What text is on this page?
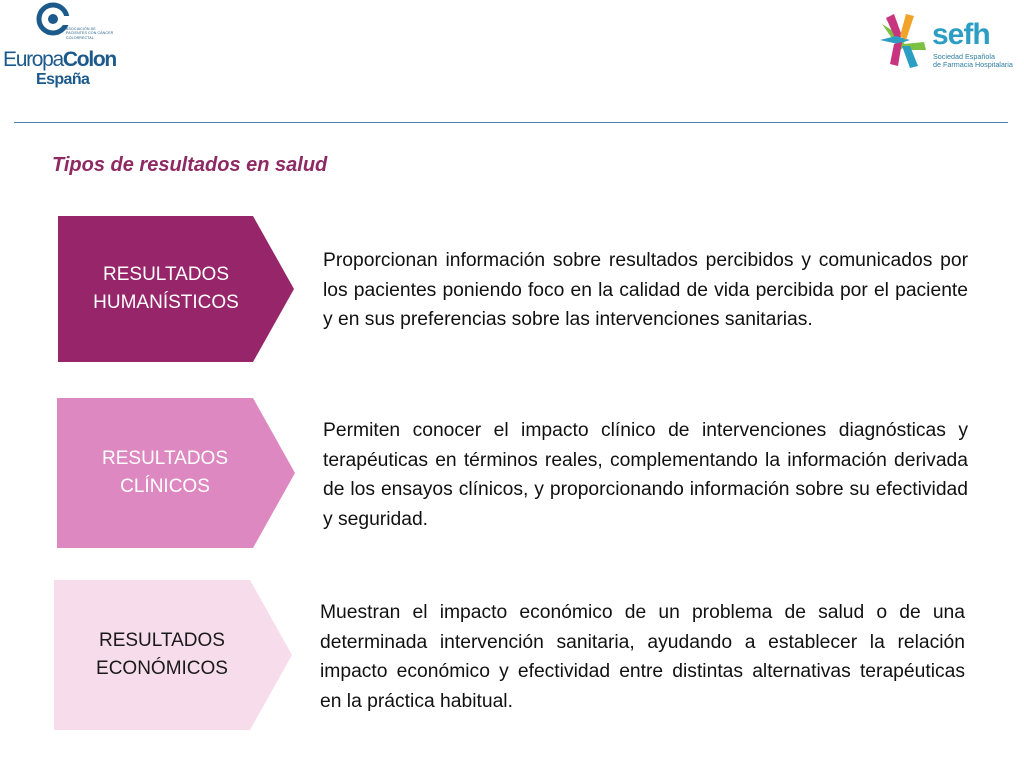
ASOCIACIÓN DE PACIENTES CON CÁNCER COLORRECTAL
EuropaColon
España
sefh
Sociedad Española
de Farmacia Hospitalaria
Tipos de resultados en salud
RESULTADOS
HUMANÍSTICOS
Proporcionan información sobre resultados percibidos y comunicados por los pacientes poniendo foco en la calidad de vida percibida por el paciente y en sus preferencias sobre las intervenciones sanitarias.
RESULTADOS
CLÍNICOS
Permiten conocer el impacto clínico de intervenciones diagnósticas y terapéuticas en términos reales, complementando la información derivada de los ensayos clínicos, y proporcionando información sobre su efectividad y seguridad.
RESULTADOS
ECONÓMICOS
Muestran el impacto económico de un problema de salud o de una determinada intervención sanitaria, ayudando a establecer la relación impacto económico y efectividad entre distintas alternativas terapéuticas en la práctica habitual.
